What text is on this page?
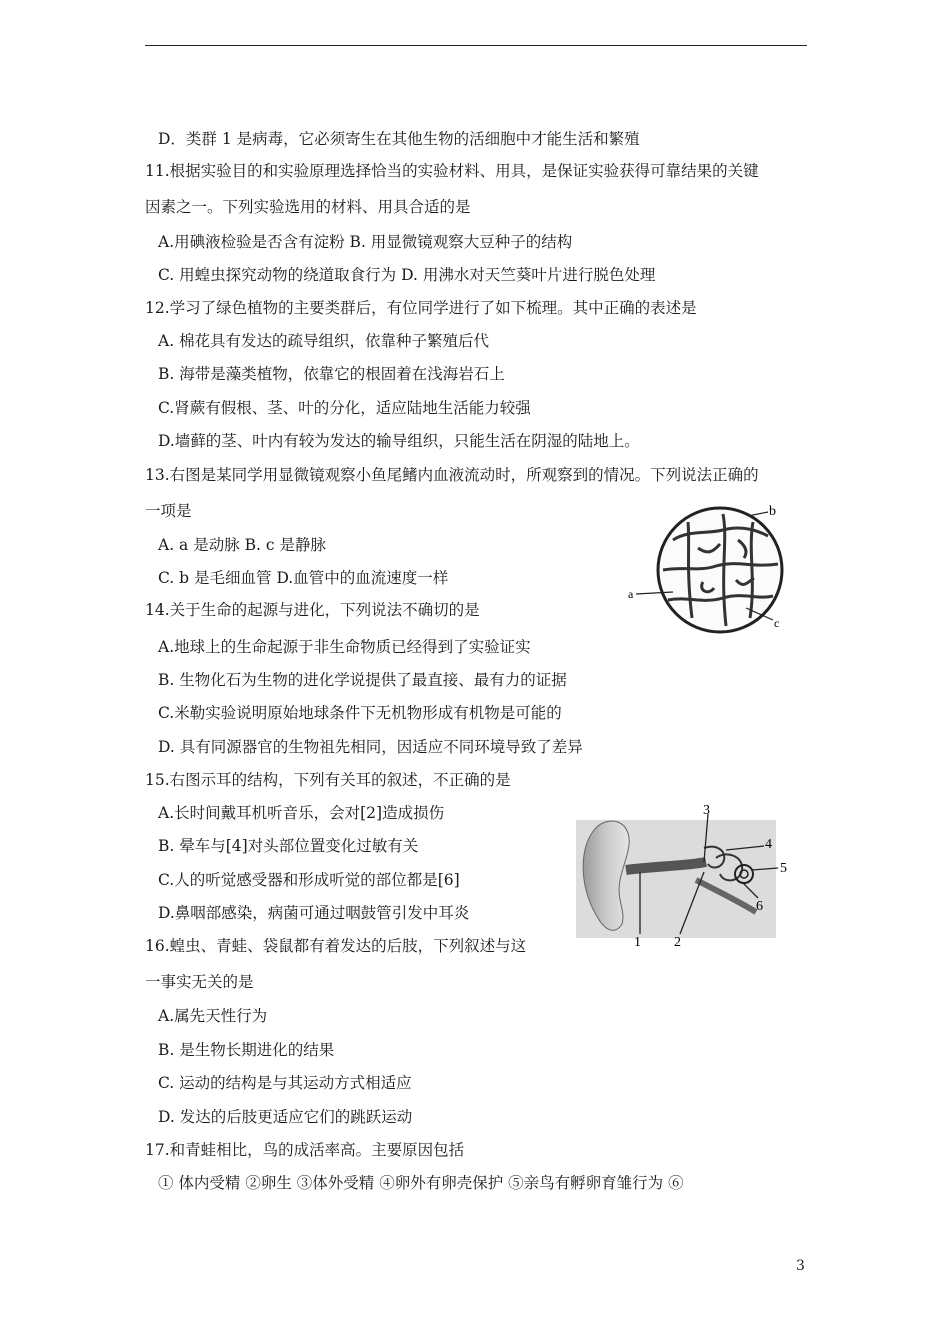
D．类群 1 是病毒，它必须寄生在其他生物的活细胞中才能生活和繁殖
11.根据实验目的和实验原理选择恰当的实验材料、用具，是保证实验获得可靠结果的关键
因素之一。下列实验选用的材料、用具合适的是
A.用碘液检验是否含有淀粉 B. 用显微镜观察大豆种子的结构
C. 用蝗虫探究动物的绕道取食行为 D. 用沸水对天竺葵叶片进行脱色处理
12.学习了绿色植物的主要类群后，有位同学进行了如下梳理。其中正确的表述是
A. 棉花具有发达的疏导组织，依靠种子繁殖后代
B. 海带是藻类植物，依靠它的根固着在浅海岩石上
C.肾蕨有假根、茎、叶的分化，适应陆地生活能力较强
D.墙藓的茎、叶内有较为发达的输导组织，只能生活在阴湿的陆地上。
13.右图是某同学用显微镜观察小鱼尾鳍内血液流动时，所观察到的情况。下列说法正确的
一项是
A. a 是动脉 B. c 是静脉
C. b 是毛细血管 D.血管中的血流速度一样
14.关于生命的起源与进化，下列说法不确切的是
A.地球上的生命起源于非生命物质已经得到了实验证实
B. 生物化石为生物的进化学说提供了最直接、最有力的证据
C.米勒实验说明原始地球条件下无机物形成有机物是可能的
D. 具有同源器官的生物祖先相同，因适应不同环境导致了差异
15.右图示耳的结构，下列有关耳的叙述，不正确的是
A.长时间戴耳机听音乐，会对[2]造成损伤
B. 晕车与[4]对头部位置变化过敏有关
C.人的听觉感受器和形成听觉的部位都是[6]
D.鼻咽部感染，病菌可通过咽鼓管引发中耳炎
16.蝗虫、青蛙、袋鼠都有着发达的后肢，下列叙述与这
一事实无关的是
A.属先天性行为
B. 是生物长期进化的结果
C. 运动的结构是与其运动方式相适应
D. 发达的后肢更适应它们的跳跃运动
17.和青蛙相比，鸟的成活率高。主要原因包括
① 体内受精 ②卵生 ③体外受精 ④卵外有卵壳保护 ⑤亲鸟有孵卵育雏行为 ⑥
b
a
c
3
4
5
6
1 2
3
